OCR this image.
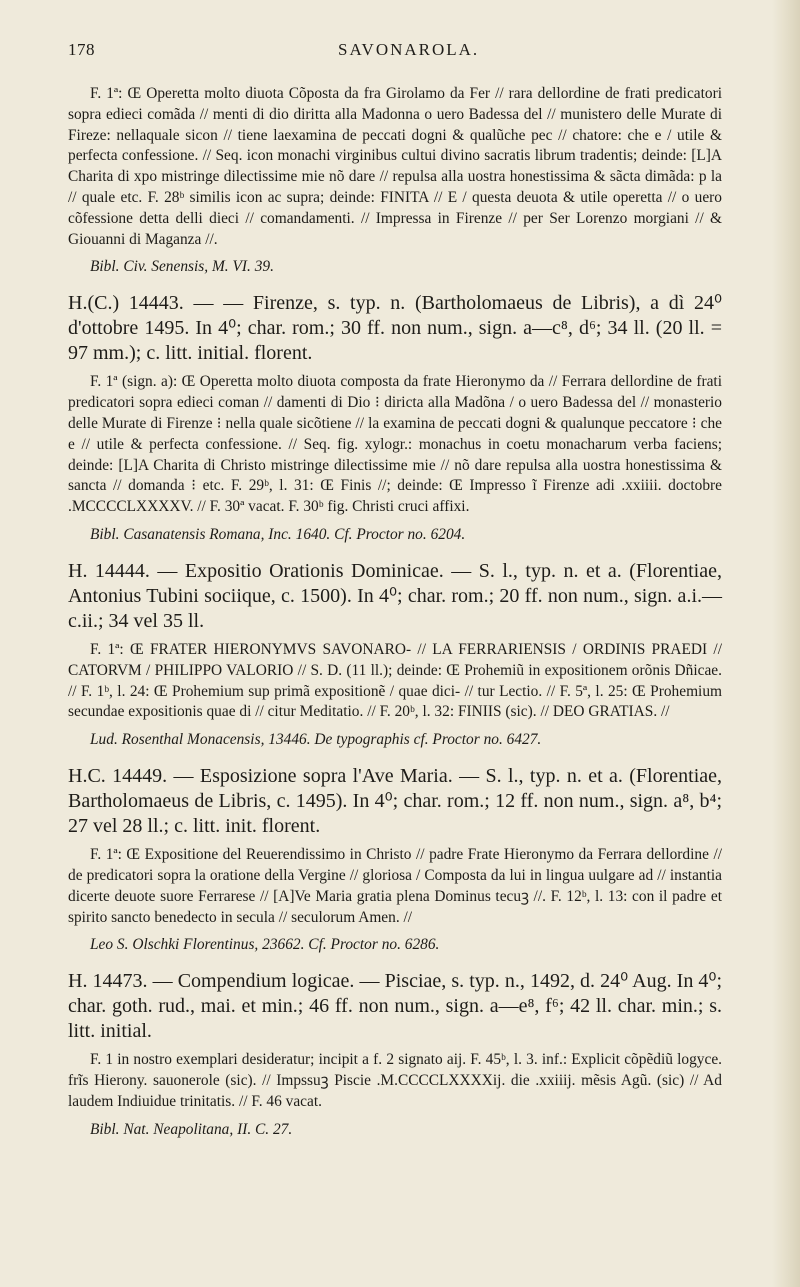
178	SAVONAROLA.

F. 1ª: Œ Operetta molto diuota Cõposta da fra Girolamo da Fer // rara dellordine de frati predicatori sopra edieci comãda // menti di dio diritta alla Madonna o uero Badessa del // munistero delle Murate di Fireze: nellaquale sicon // tiene laexamina de peccati dogni & qualũche pec // chatore: che e / utile & perfecta confessione. // Seq. icon monachi virginibus cultui divino sacratis librum tradentis; deinde: [L]A Charita di xpo mistringe dilectissime mie nõ dare // repulsa alla uostra honestissima & sãcta dimãda: p la // quale etc. F. 28ᵇ similis icon ac supra; deinde: FINITA // E / questa deuota & utile operetta // o uero cõfessione detta delli dieci // comandamenti. // Impressa in Firenze // per Ser Lorenzo morgiani // & Giouanni di Maganza //.

Bibl. Civ. Senensis, M. VI. 39.

H.(C.) 14443. — — Firenze, s. typ. n. (Bartholomaeus de Libris), a dì 24⁰ d'ottobre 1495. In 4⁰; char. rom.; 30 ff. non num., sign. a—c⁸, d⁶; 34 ll. (20 ll. = 97 mm.); c. litt. initial. florent.

F. 1ª (sign. a): Œ Operetta molto diuota composta da frate Hieronymo da // Ferrara dellordine de frati predicatori sopra edieci coman // damenti di Dio ⁝ diricta alla Madõna / o uero Badessa del // monasterio delle Murate di Firenze ⁝ nella quale sicõtiene // la examina de peccati dogni & qualunque peccatore ⁝ che e // utile & perfecta confessione. // Seq. fig. xylogr.: monachus in coetu monacharum verba faciens; deinde: [L]A Charita di Christo mistringe dilectissime mie // nõ dare repulsa alla uostra honestissima & sancta // domanda ⁝ etc. F. 29ᵇ, l. 31: Œ Finis //; deinde: Œ Impresso ĩ Firenze adi .xxiiii. doctobre .MCCCCLXXXXV. // F. 30ª vacat. F. 30ᵇ fig. Christi cruci affixi.

Bibl. Casanatensis Romana, Inc. 1640. Cf. Proctor no. 6204.

H. 14444. — Expositio Orationis Dominicae. — S. l., typ. n. et a. (Florentiae, Antonius Tubini sociique, c. 1500). In 4⁰; char. rom.; 20 ff. non num., sign. a.i.—c.ii.; 34 vel 35 ll.

F. 1ª: Œ FRATER HIERONYMVS SAVONARO- // LA FERRARIENSIS / ORDINIS PRAEDI // CATORVM / PHILIPPO VALORIO // S. D. (11 ll.); deinde: Œ Prohemiũ in expositionem orõnis Dñicae. // F. 1ᵇ, l. 24: Œ Prohemium sup primã expositionẽ / quae dici- // tur Lectio. // F. 5ª, l. 25: Œ Prohemium secundae expositionis quae di // citur Meditatio. // F. 20ᵇ, l. 32: FINIIS (sic). // DEO GRATIAS. //

Lud. Rosenthal Monacensis, 13446. De typographis cf. Proctor no. 6427.

H.C. 14449. — Esposizione sopra l'Ave Maria. — S. l., typ. n. et a. (Florentiae, Bartholomaeus de Libris, c. 1495). In 4⁰; char. rom.; 12 ff. non num., sign. a⁸, b⁴; 27 vel 28 ll.; c. litt. init. florent.

F. 1ª: Œ Expositione del Reuerendissimo in Christo // padre Frate Hieronymo da Ferrara dellordine // de predicatori sopra la oratione della Vergine // gloriosa / Composta da lui in lingua uulgare ad // instantia dicerte deuote suore Ferrarese // [A]Ve Maria gratia plena Dominus tecuꝫ //. F. 12ᵇ, l. 13: con il padre et spirito sancto benedecto in secula // seculorum Amen. //

Leo S. Olschki Florentinus, 23662. Cf. Proctor no. 6286.

H. 14473. — Compendium logicae. — Pisciae, s. typ. n., 1492, d. 24⁰ Aug. In 4⁰; char. goth. rud., mai. et min.; 46 ff. non num., sign. a—e⁸, f⁶; 42 ll. char. min.; s. litt. initial.

F. 1 in nostro exemplari desideratur; incipit a f. 2 signato aij. F. 45ᵇ, l. 3. inf.: Explicit cõpẽdiũ logyce. frĩs Hierony. sauonerole (sic). // Impssuꝫ Piscie .M.CCCCLXXXXij. die .xxiiij. mẽsis Agũ. (sic) // Ad laudem Indiuidue trinitatis. // F. 46 vacat.

Bibl. Nat. Neapolitana, II. C. 27.
